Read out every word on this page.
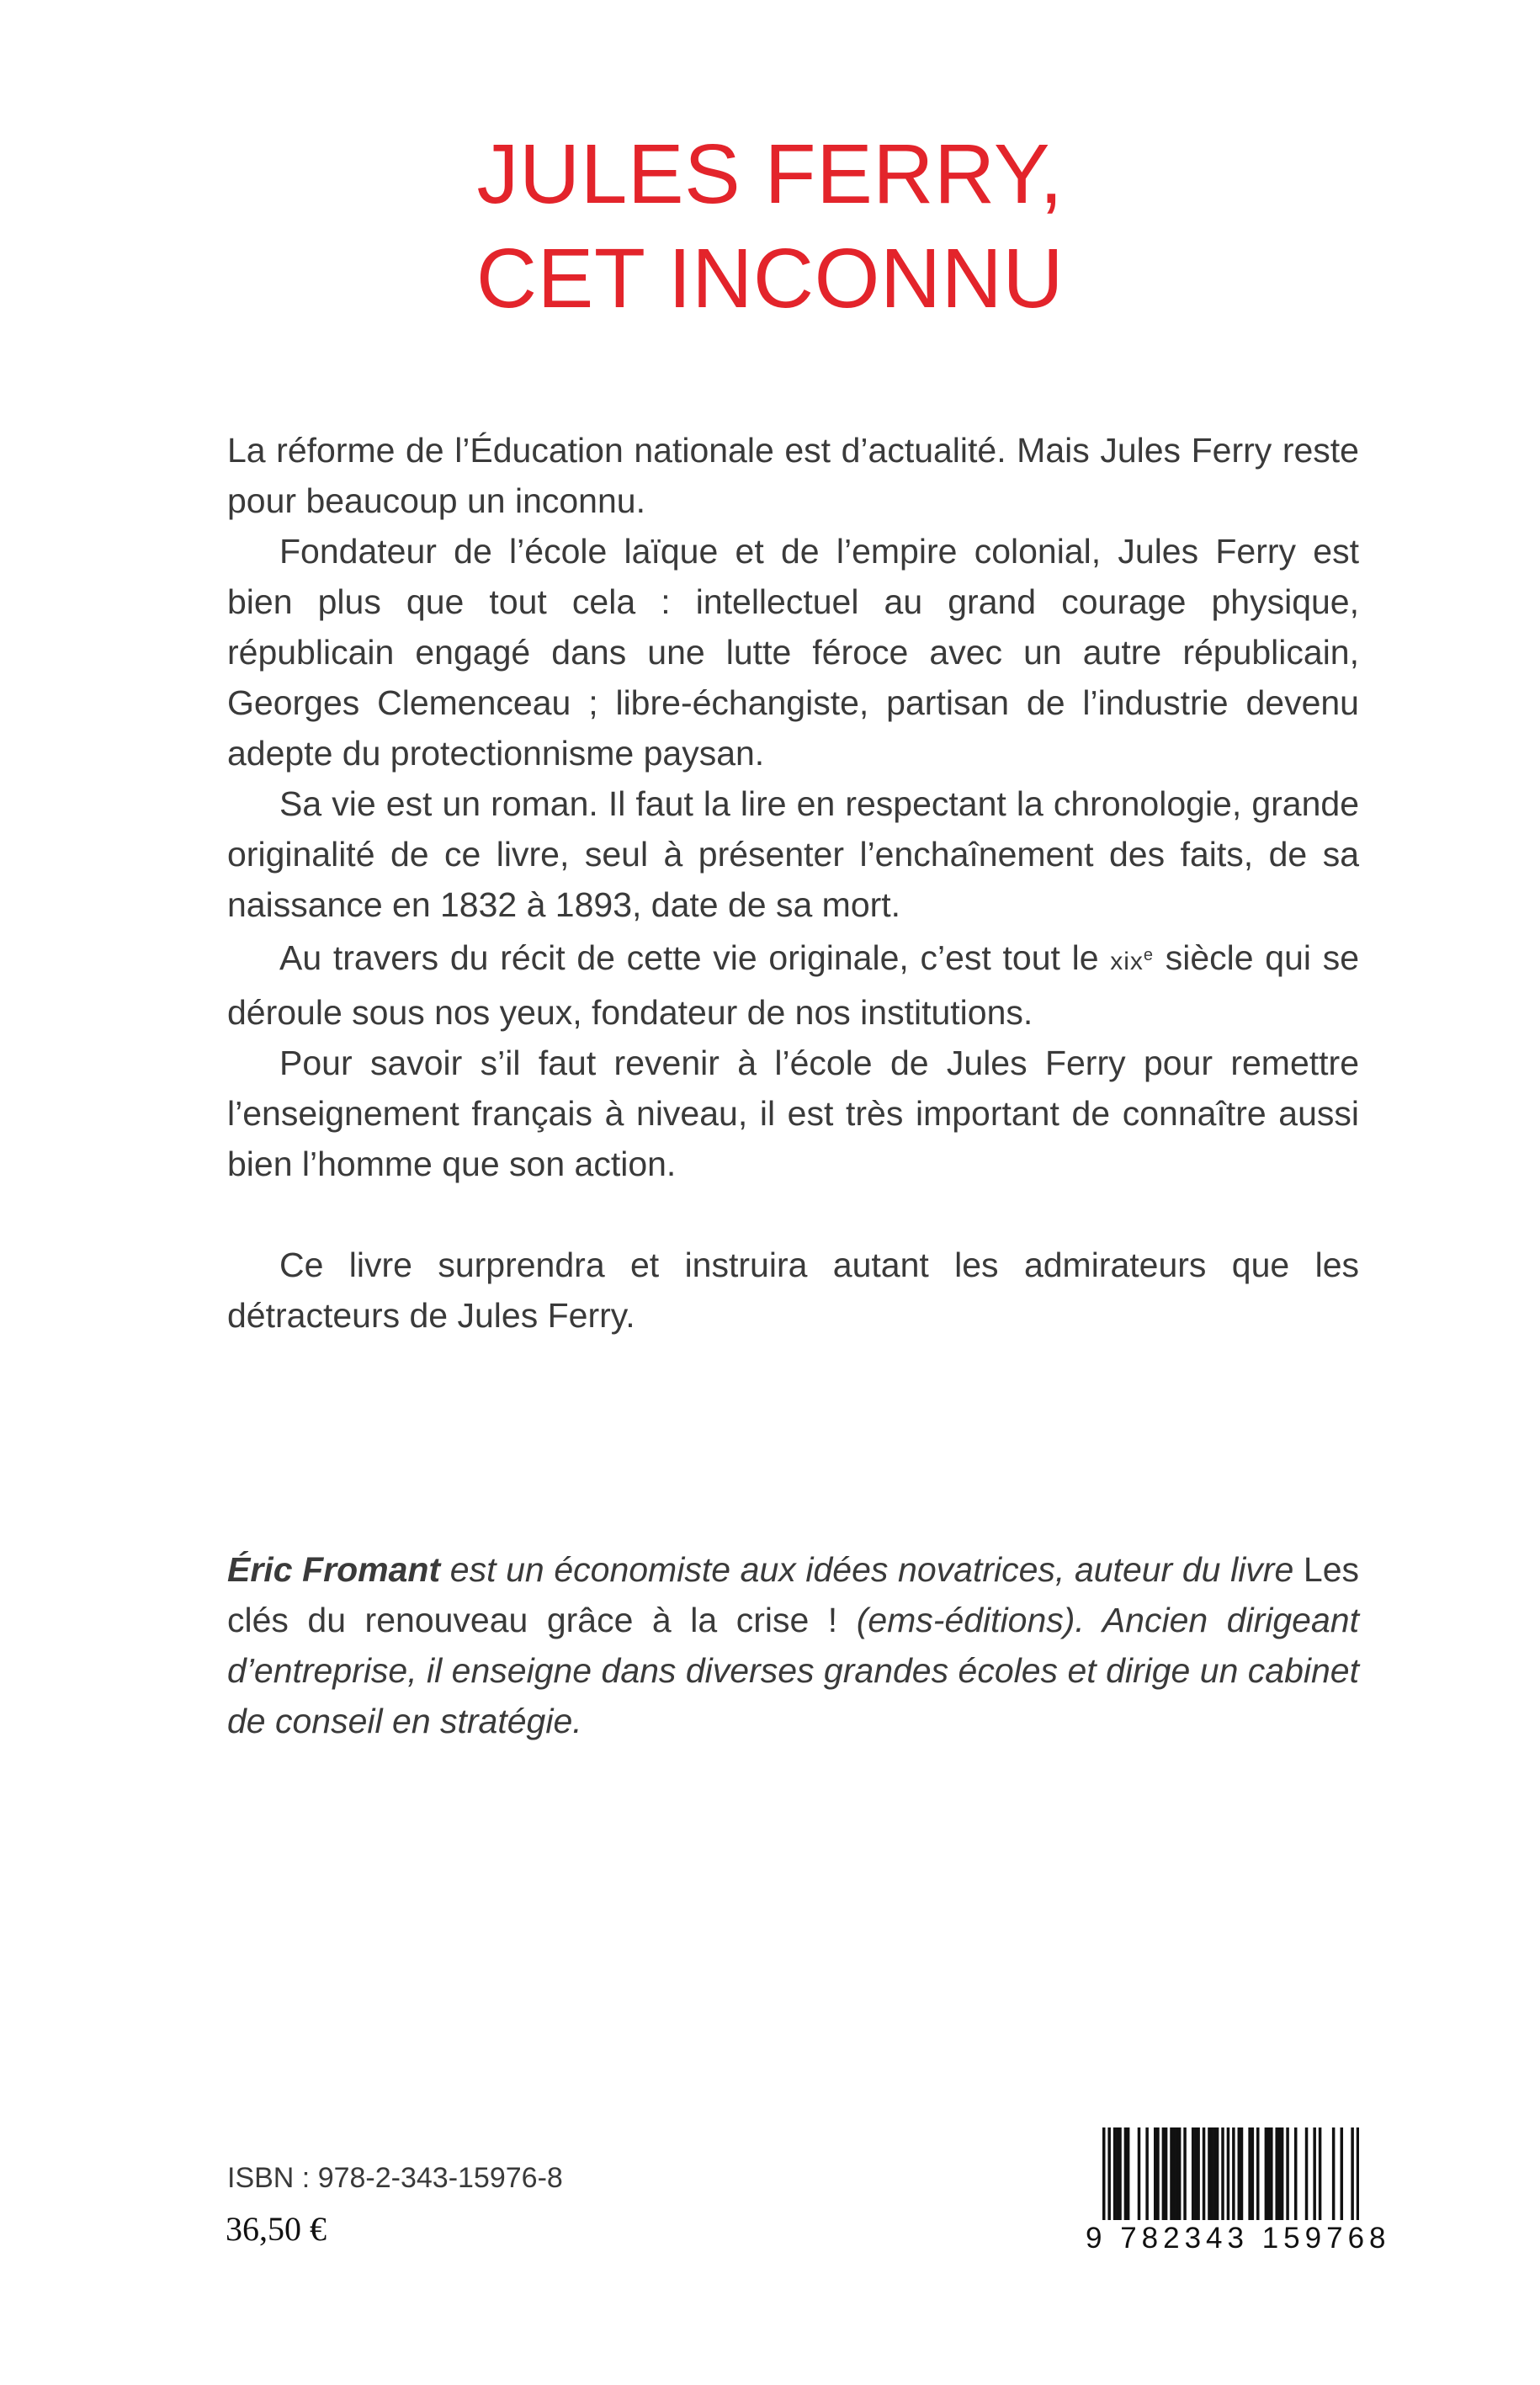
JULES FERRY,
CET INCONNU

La réforme de l’Éducation nationale est d’actualité. Mais Jules Ferry reste pour beaucoup un inconnu.

Fondateur de l’école laïque et de l’empire colonial, Jules Ferry est bien plus que tout cela : intellectuel au grand courage physique, républicain engagé dans une lutte féroce avec un autre républicain, Georges Clemenceau ; libre-échangiste, partisan de l’industrie devenu adepte du protectionnisme paysan.

Sa vie est un roman. Il faut la lire en respectant la chronologie, grande originalité de ce livre, seul à présenter l’enchaînement des faits, de sa naissance en 1832 à 1893, date de sa mort.

Au travers du récit de cette vie originale, c’est tout le xix$^e$ siècle qui se déroule sous nos yeux, fondateur de nos institutions.

Pour savoir s’il faut revenir à l’école de Jules Ferry pour remettre l’enseignement français à niveau, il est très important de connaître aussi bien l’homme que son action.

Ce livre surprendra et instruira autant les admirateurs que les détracteurs de Jules Ferry.

Éric Fromant est un économiste aux idées novatrices, auteur du livre Les clés du renouveau grâce à la crise ! (ems-éditions). Ancien dirigeant d’entreprise, il enseigne dans diverses grandes écoles et dirige un cabinet de conseil en stratégie.
ISBN : 978-2-343-15976-8
36,50 €	9 782343 159768
